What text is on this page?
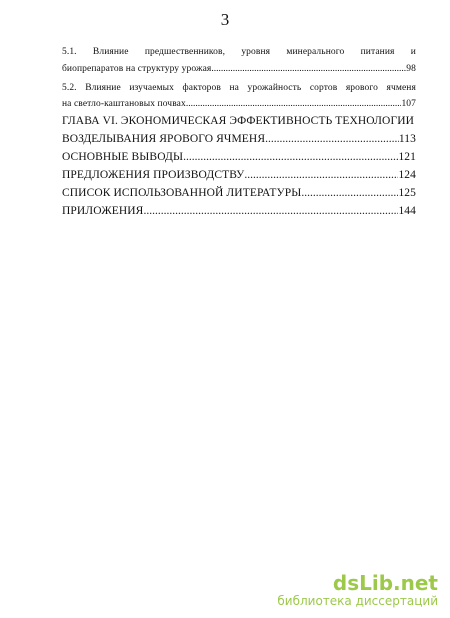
3
5.1. Влияние предшественников, уровня минерального питания и
биопрепаратов на структуру урожая .....	98
5.2. Влияние изучаемых факторов на урожайность сортов ярового ячменя
на светло-каштановых почвах .....	107
ГЛАВА VI. ЭКОНОМИЧЕСКАЯ ЭФФЕКТИВНОСТЬ ТЕХНОЛОГИИ
ВОЗДЕЛЫВАНИЯ ЯРОВОГО ЯЧМЕНЯ .....	113
ОСНОВНЫЕ ВЫВОДЫ .....	121
ПРЕДЛОЖЕНИЯ ПРОИЗВОДСТВУ .....	124
СПИСОК ИСПОЛЬЗОВАННОЙ ЛИТЕРАТУРЫ .....	125
ПРИЛОЖЕНИЯ .....	144
dsLib.net
библиотека диссертаций
